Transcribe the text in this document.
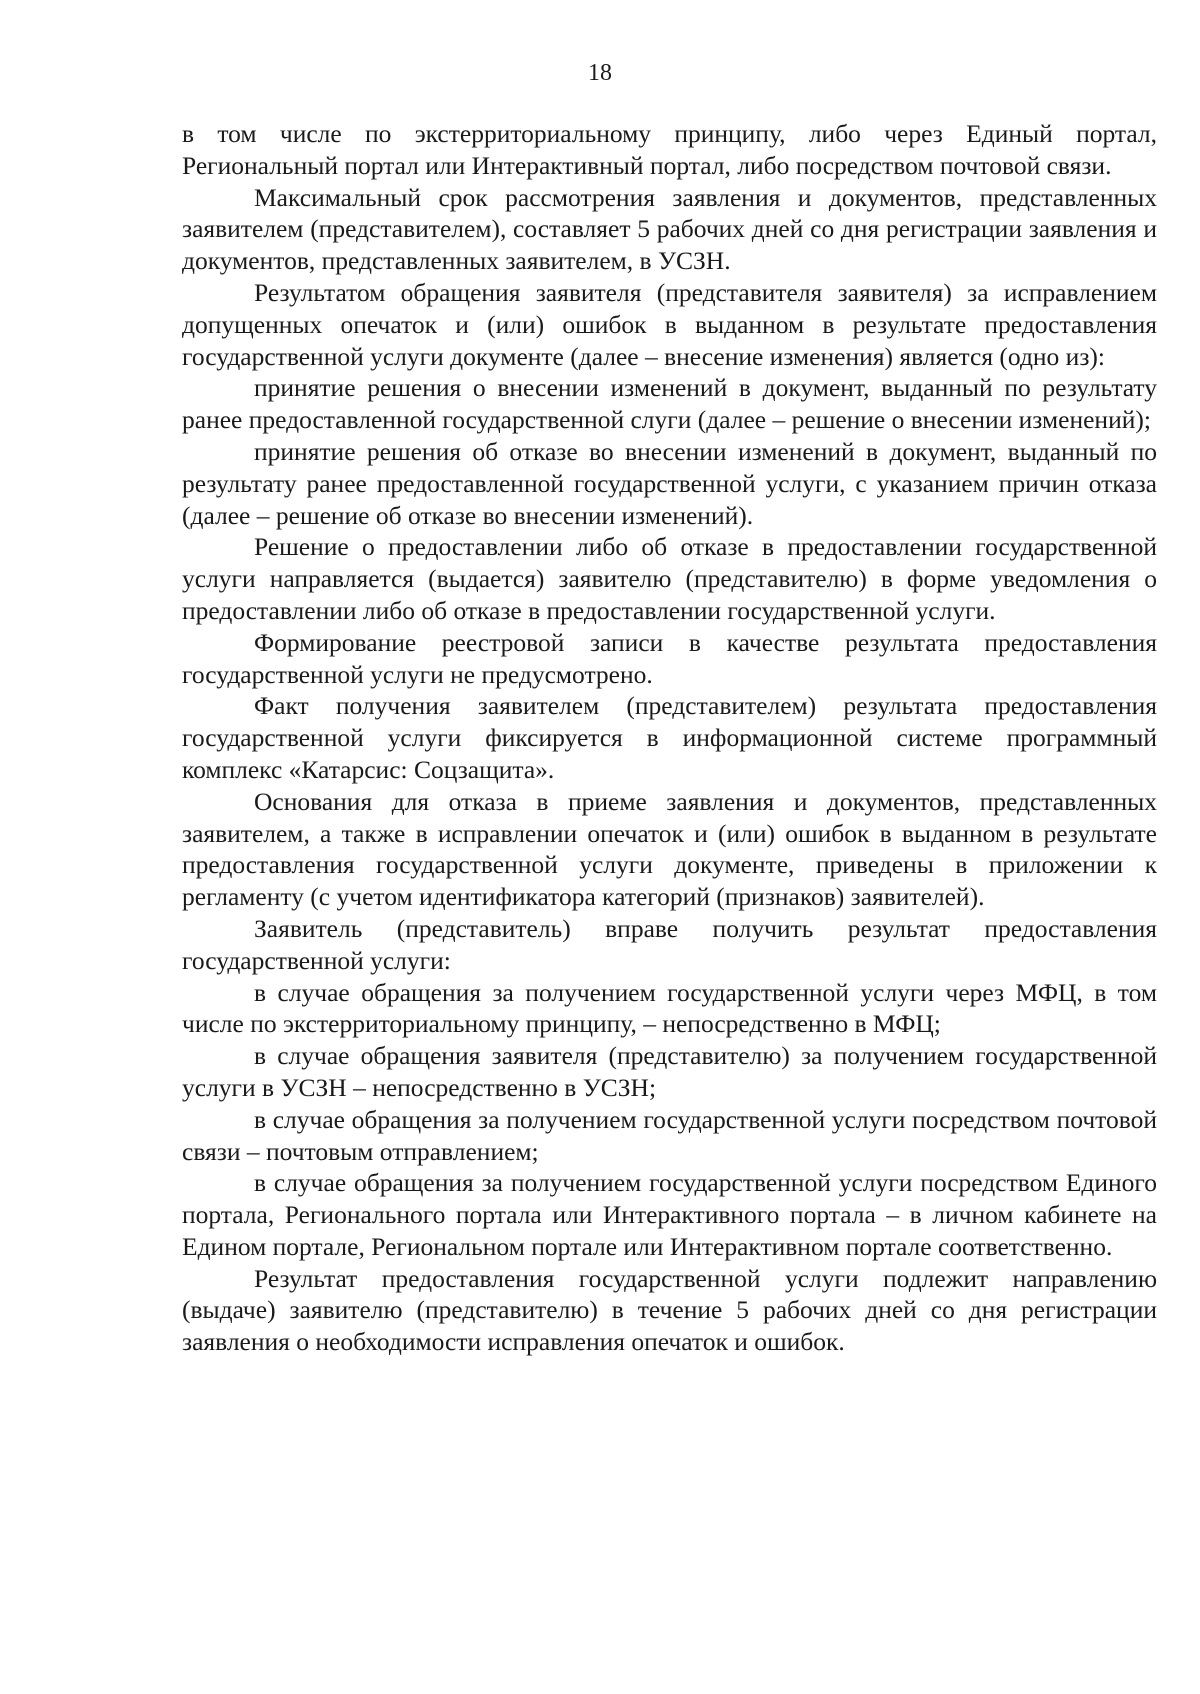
18

в том числе по экстерриториальному принципу, либо через Единый портал, Региональный портал или Интерактивный портал, либо посредством почтовой связи.

Максимальный срок рассмотрения заявления и документов, представленных заявителем (представителем), составляет 5 рабочих дней со дня регистрации заявления и документов, представленных заявителем, в УСЗН.

Результатом обращения заявителя (представителя заявителя) за исправлением допущенных опечаток и (или) ошибок в выданном в результате предоставления государственной услуги документе (далее – внесение изменения) является (одно из):

принятие решения о внесении изменений в документ, выданный по результату ранее предоставленной государственной слуги (далее – решение о внесении изменений);

принятие решения об отказе во внесении изменений в документ, выданный по результату ранее предоставленной государственной услуги, с указанием причин отказа (далее – решение об отказе во внесении изменений).

Решение о предоставлении либо об отказе в предоставлении государственной услуги направляется (выдается) заявителю (представителю) в форме уведомления о предоставлении либо об отказе в предоставлении государственной услуги.

Формирование реестровой записи в качестве результата предоставления государственной услуги не предусмотрено.

Факт получения заявителем (представителем) результата предоставления государственной услуги фиксируется в информационной системе программный комплекс «Катарсис: Соцзащита».

Основания для отказа в приеме заявления и документов, представленных заявителем, а также в исправлении опечаток и (или) ошибок в выданном в результате предоставления государственной услуги документе, приведены в приложении к регламенту (с учетом идентификатора категорий (признаков) заявителей).

Заявитель (представитель) вправе получить результат предоставления государственной услуги:

в случае обращения за получением государственной услуги через МФЦ, в том числе по экстерриториальному принципу, – непосредственно в МФЦ;

в случае обращения заявителя (представителю) за получением государственной услуги в УСЗН – непосредственно в УСЗН;

в случае обращения за получением государственной услуги посредством почтовой связи – почтовым отправлением;

в случае обращения за получением государственной услуги посредством Единого портала, Регионального портала или Интерактивного портала – в личном кабинете на Едином портале, Региональном портале или Интерактивном портале соответственно.

Результат предоставления государственной услуги подлежит направлению (выдаче) заявителю (представителю) в течение 5 рабочих дней со дня регистрации заявления о необходимости исправления опечаток и ошибок.
